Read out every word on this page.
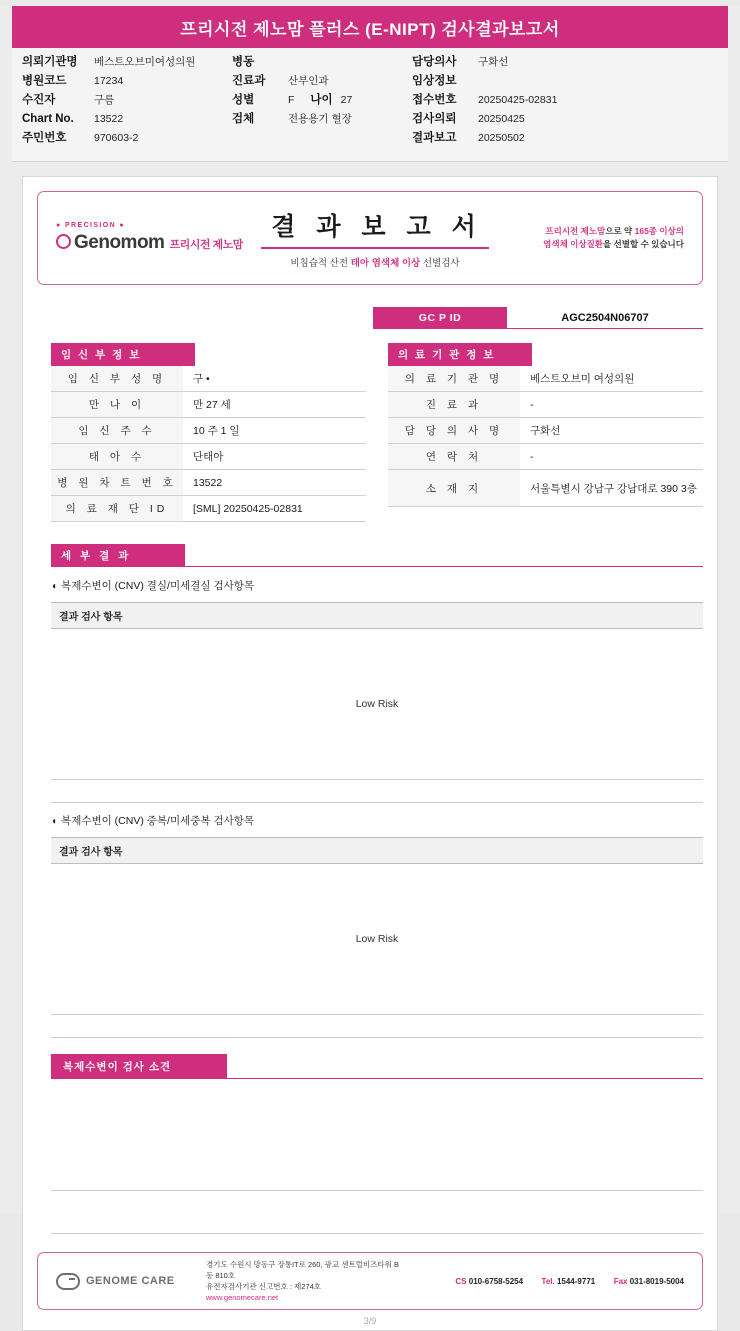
프리시전 제노맘 플러스 (E-NIPT) 검사결과보고서
의뢰기관명	베스트오브미여성의원
병원코드	17234
수진자	구름
Chart No.	13522
주민번호	970603-2
병동
진료과	산부인과
성별	F 나이 27
검체	전용용기 혈장
담당의사	구화선
임상정보
접수번호	20250425-02831
검사의뢰	20250425
결과보고	20250502
● PRECISION ●
Genomom 프리시전 제노맘
결 과 보 고 서
비침습적 산전 태아 염색체 이상 선별검사
프리시전 제노맘으로 약 165종 이상의
염색체 이상질환을 선별할 수 있습니다
GC P ID	AGC2504N06707
임 신 부 정 보
임 신 부 성 명	구 •
만 나 이	만 27 세
임 신 주 수	10 주 1 일
태 아 수	단태아
병 원 차 트 번 호	13522
의 료 재 단 ID	[SML] 20250425-02831
의 료 기 관 정 보
의 료 기 관 명	베스트오브미 여성의원
진 료 과	-
담 당 의 사 명	구화선
연 락 처	-
소 재 지	서울특별시 강남구 강남대로 390 3층
세 부 결 과
◖ 복제수변이 (CNV) 결실/미세결실 검사항목
결과 검사 항목
Low Risk
◖ 복제수변이 (CNV) 중복/미세중복 검사항목
결과 검사 항목
Low Risk
복제수변이 검사 소견
GENOME CARE
경기도 수원시 망동구 장통IT로 260, 광교 센트럴비즈타워 B동 810호
유전자검사기관 신고번호 : 제274호
www.genomecare.net
CS 010-6758-5254 Tel. 1544-9771 Fax 031-8019-5004
3/9
